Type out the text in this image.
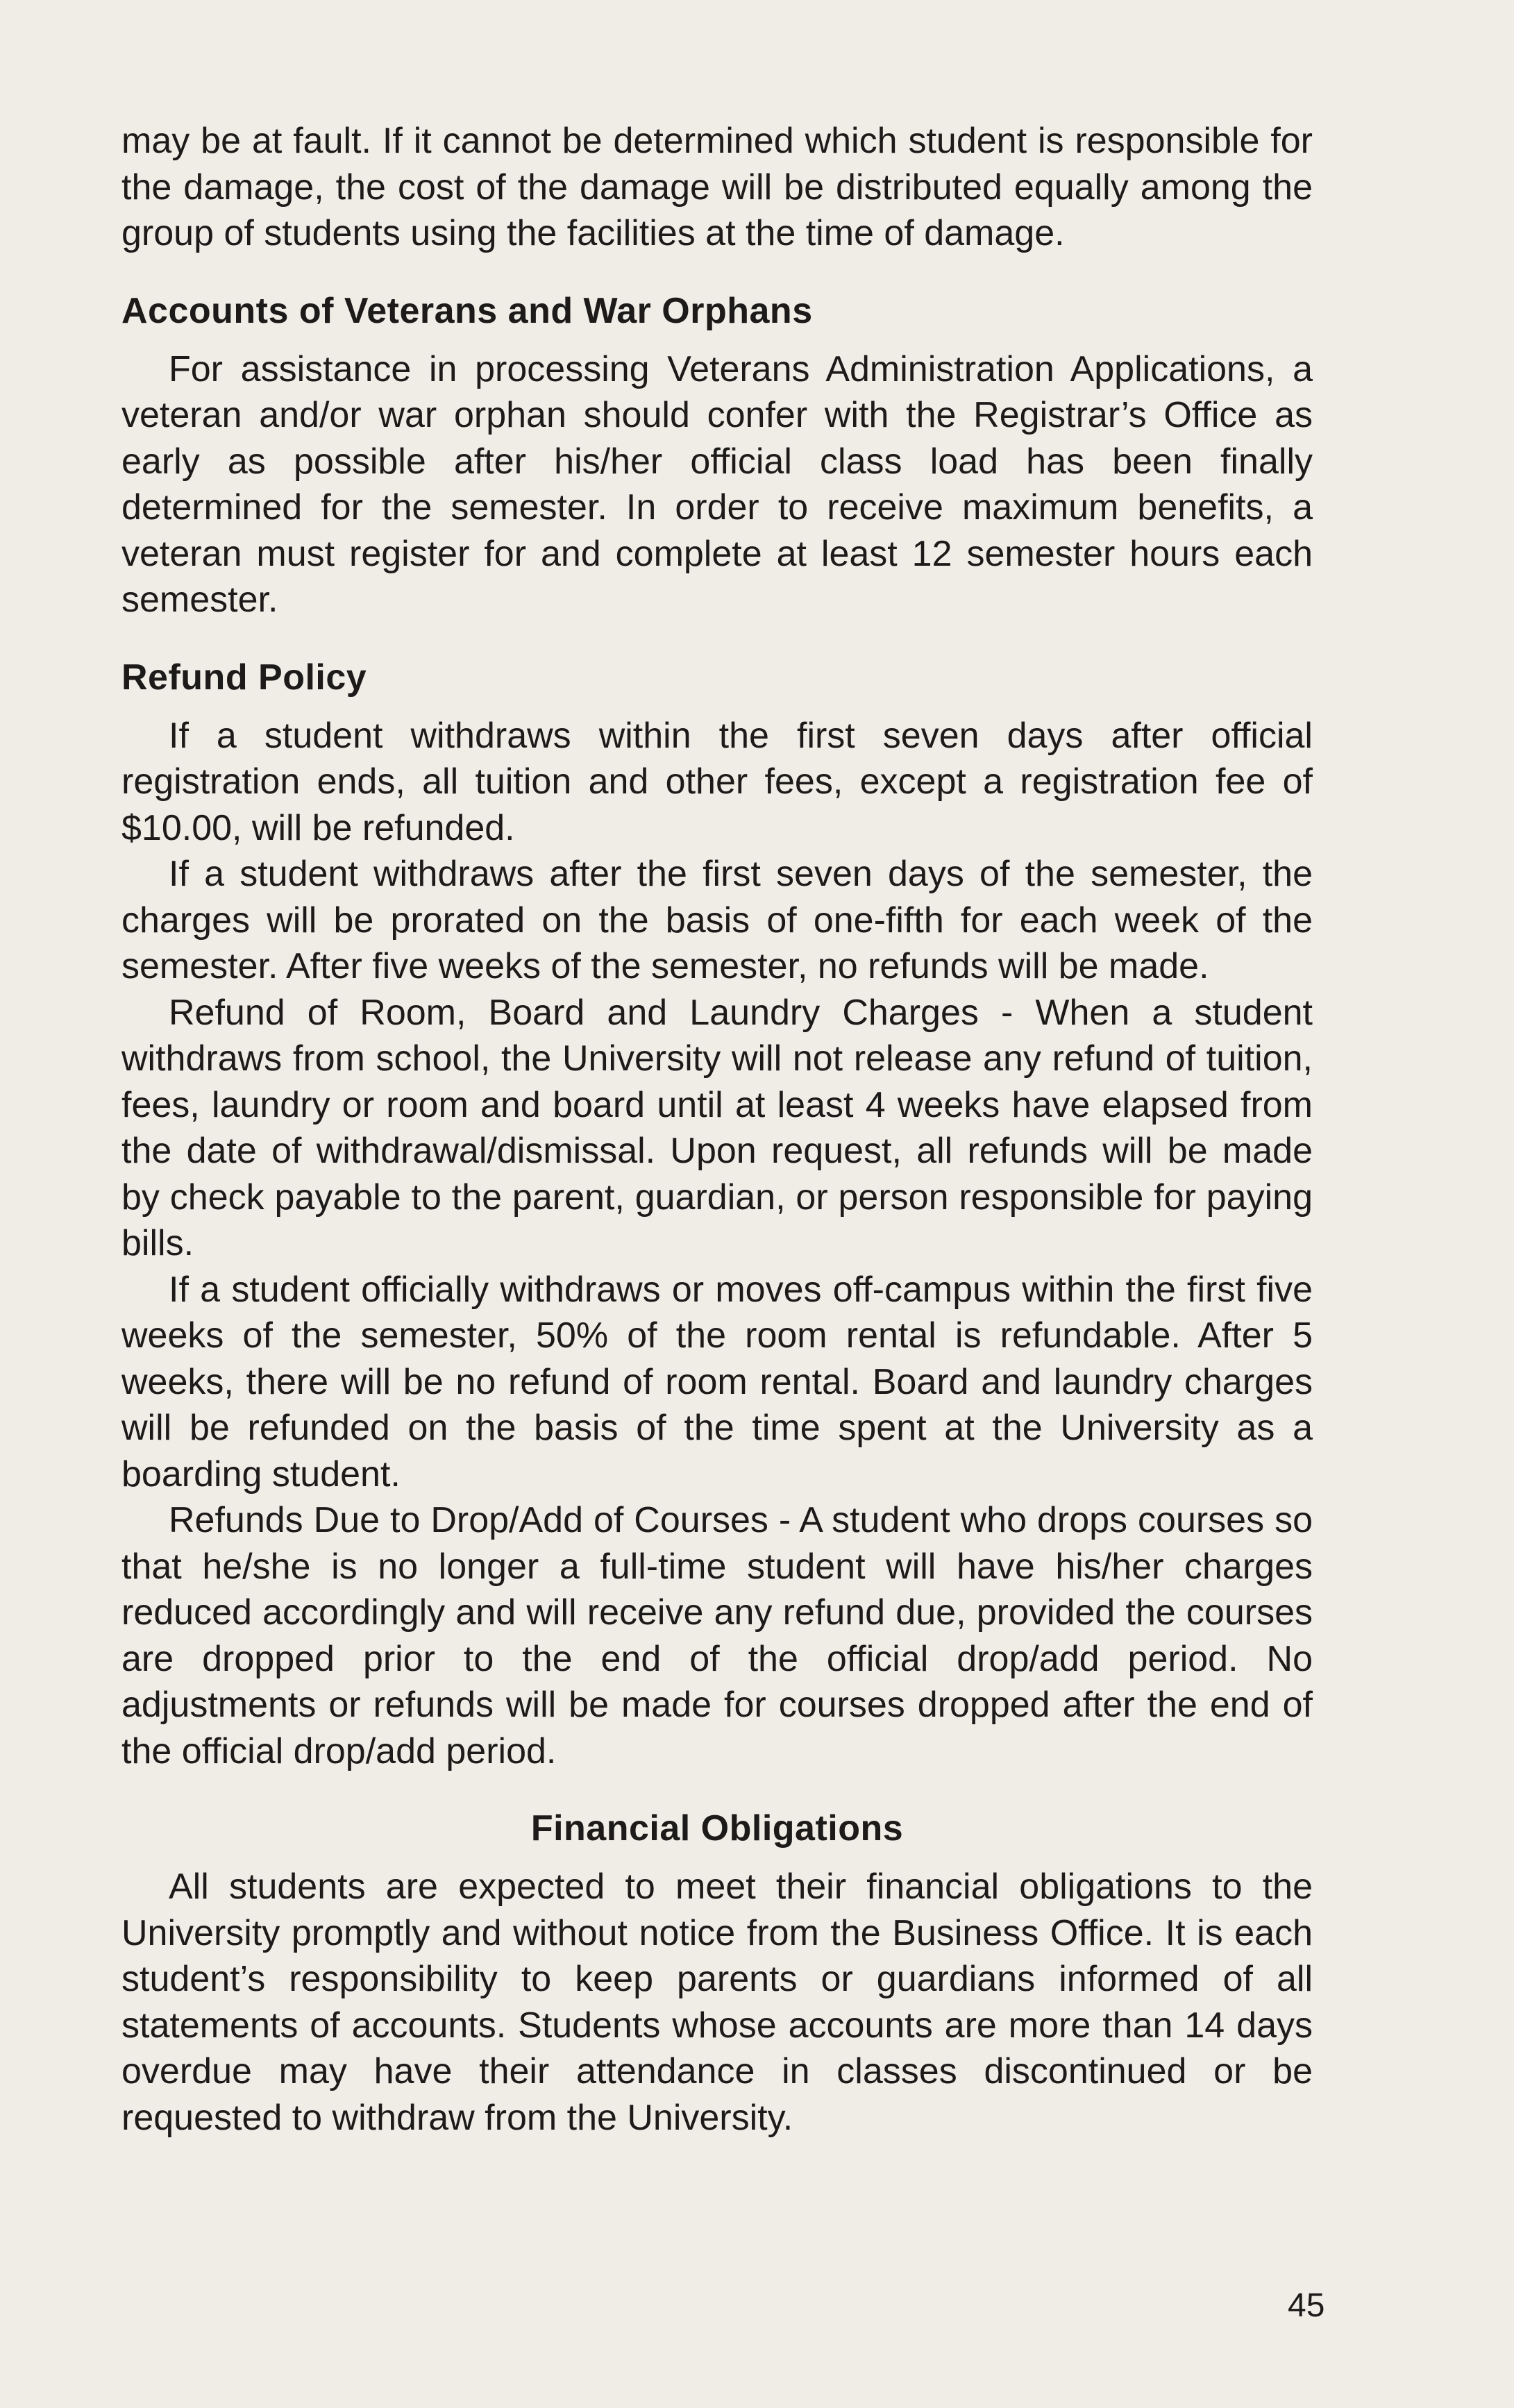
may be at fault. If it cannot be determined which student is responsible for the damage, the cost of the damage will be distributed equally among the group of students using the facilities at the time of damage.

Accounts of Veterans and War Orphans

For assistance in processing Veterans Administration Applications, a veteran and/or war orphan should confer with the Registrar’s Office as early as possible after his/her official class load has been finally determined for the semester. In order to receive maximum benefits, a veteran must register for and complete at least 12 semester hours each semester.

Refund Policy

If a student withdraws within the first seven days after official registration ends, all tuition and other fees, except a registration fee of $10.00, will be refunded.

If a student withdraws after the first seven days of the semester, the charges will be prorated on the basis of one-fifth for each week of the semester. After five weeks of the semester, no refunds will be made.

Refund of Room, Board and Laundry Charges - When a student withdraws from school, the University will not release any refund of tuition, fees, laundry or room and board until at least 4 weeks have elapsed from the date of withdrawal/dismissal. Upon request, all refunds will be made by check payable to the parent, guardian, or person responsible for paying bills.

If a student officially withdraws or moves off-campus within the first five weeks of the semester, 50% of the room rental is refundable. After 5 weeks, there will be no refund of room rental. Board and laundry charges will be refunded on the basis of the time spent at the University as a boarding student.

Refunds Due to Drop/Add of Courses - A student who drops courses so that he/she is no longer a full-time student will have his/her charges reduced accordingly and will receive any refund due, provided the courses are dropped prior to the end of the official drop/add period. No adjustments or refunds will be made for courses dropped after the end of the official drop/add period.

Financial Obligations

All students are expected to meet their financial obligations to the University promptly and without notice from the Business Office. It is each student’s responsibility to keep parents or guardians informed of all statements of accounts. Students whose accounts are more than 14 days overdue may have their attendance in classes discontinued or be requested to withdraw from the University.

45
